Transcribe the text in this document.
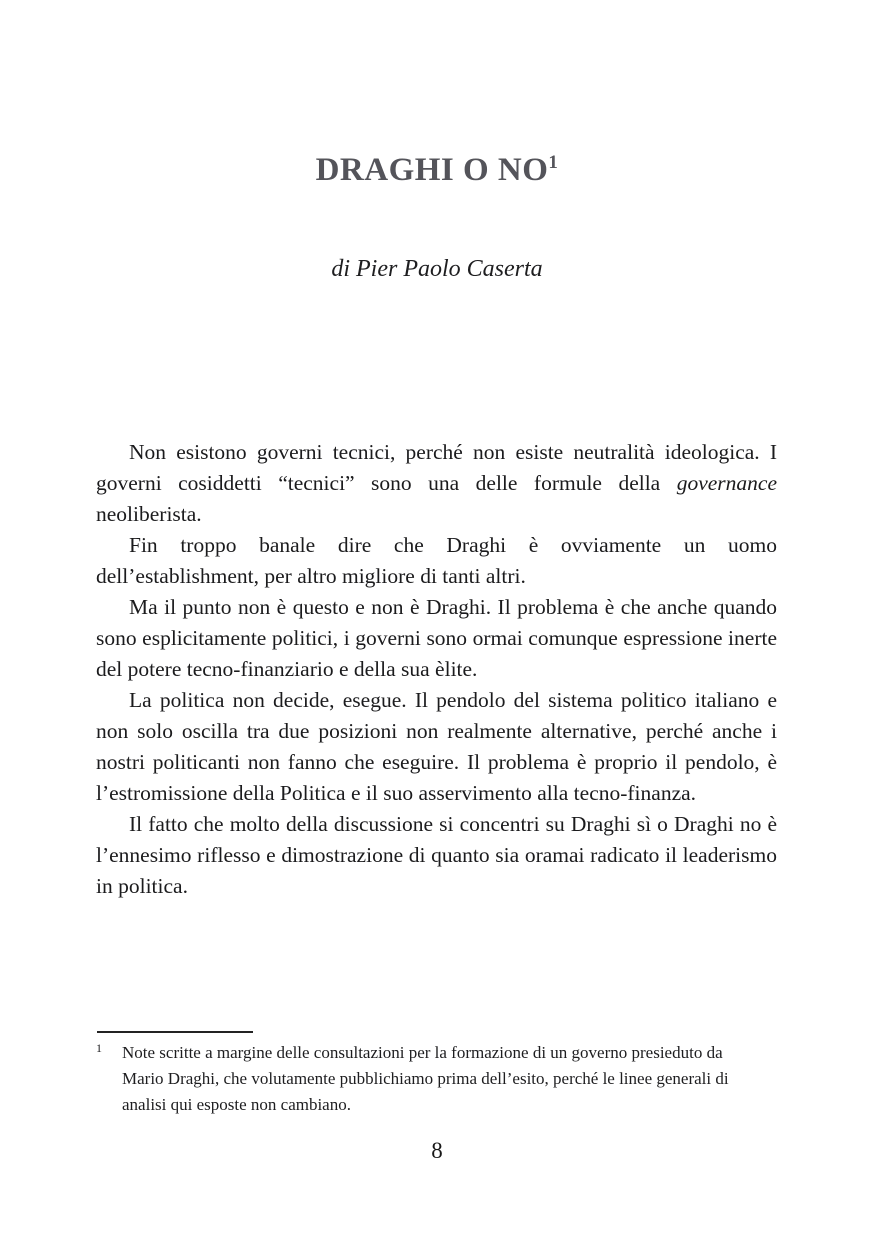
DRAGHI O $NO^1$
di Pier Paolo Caserta

Non esistono governi tecnici, perché non esiste neutralità ideologica. I governi cosiddetti “tecnici” sono una delle formule della governance neoliberista.

Fin troppo banale dire che Draghi è ovviamente un uomo dell’establishment, per altro migliore di tanti altri.

Ma il punto non è questo e non è Draghi. Il problema è che anche quando sono esplicitamente politici, i governi sono ormai comunque espressione inerte del potere tecno-finanziario e della sua èlite.

La politica non decide, esegue. Il pendolo del sistema politico italiano e non solo oscilla tra due posizioni non realmente alternative, perché anche i nostri politicanti non fanno che eseguire. Il problema è proprio il pendolo, è l’estromissione della Politica e il suo asservimento alla tecno-finanza.

Il fatto che molto della discussione si concentri su Draghi sì o Draghi no è l’ennesimo riflesso e dimostrazione di quanto sia oramai radicato il leaderismo in politica.

1	Note scritte a margine delle consultazioni per la formazione di un governo presieduto da Mario Draghi, che volutamente pubblichiamo prima dell’esito, perché le linee generali di analisi qui esposte non cambiano.
8
